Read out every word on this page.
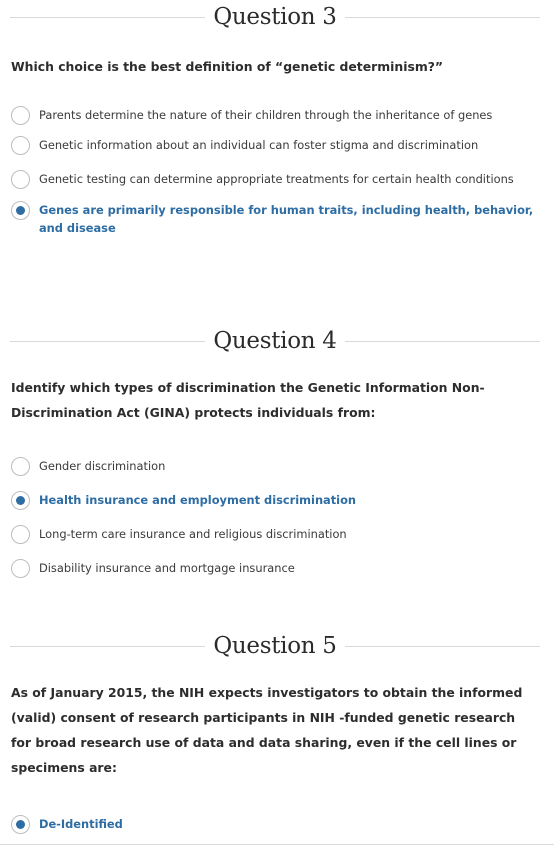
Question 3
Which choice is the best definition of “genetic determinism?”
Parents determine the nature of their children through the inheritance of genes
Genetic information about an individual can foster stigma and discrimination
Genetic testing can determine appropriate treatments for certain health conditions
Genes are primarily responsible for human traits, including health, behavior, and disease
Question 4
Identify which types of discrimination the Genetic Information Non-Discrimination Act (GINA) protects individuals from:
Gender discrimination
Health insurance and employment discrimination
Long-term care insurance and religious discrimination
Disability insurance and mortgage insurance
Question 5
As of January 2015, the NIH expects investigators to obtain the informed (valid) consent of research participants in NIH -funded genetic research for broad research use of data and data sharing, even if the cell lines or specimens are:
De-Identified
